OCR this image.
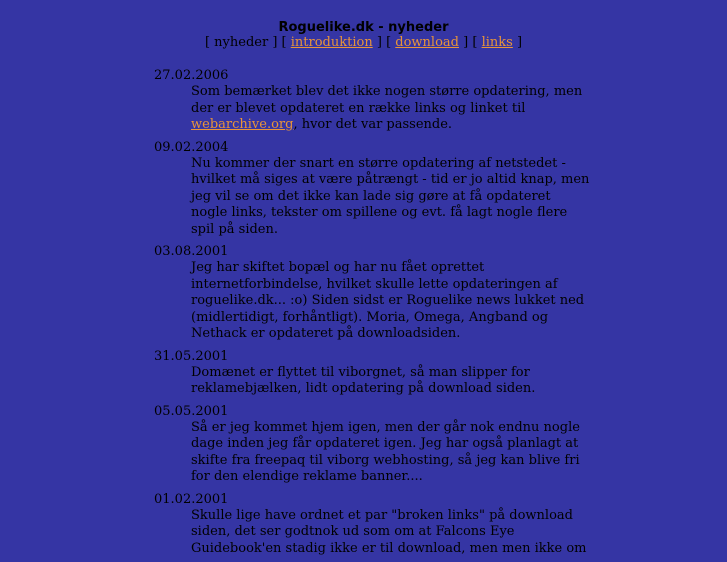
Roguelike.dk - nyheder
[ nyheder ] [ introduktion ] [ download ] [ links ]
27.02.2006
Som bemærket blev det ikke nogen større opdatering, men der er blevet opdateret en række links og linket til webarchive.org, hvor det var passende.
09.02.2004
Nu kommer der snart en større opdatering af netstedet - hvilket må siges at være påtrængt - tid er jo altid knap, men jeg vil se om det ikke kan lade sig gøre at få opdateret nogle links, tekster om spillene og evt. få lagt nogle flere spil på siden.
03.08.2001
Jeg har skiftet bopæl og har nu fået oprettet internetforbindelse, hvilket skulle lette opdateringen af roguelike.dk... :o) Siden sidst er Roguelike news lukket ned (midlertidigt, forhåntligt). Moria, Omega, Angband og Nethack er opdateret på downloadsiden.
31.05.2001
Domænet er flyttet til viborgnet, så man slipper for reklamebjælken, lidt opdatering på download siden.
05.05.2001
Så er jeg kommet hjem igen, men der går nok endnu nogle dage inden jeg får opdateret igen. Jeg har også planlagt at skifte fra freepaq til viborg webhosting, så jeg kan blive fri for den elendige reklame banner....
01.02.2001
Skulle lige have ordnet et par "broken links" på download siden, det ser godtnok ud som om at Falcons Eye Guidebook'en stadig ikke er til download, men men ikke om
